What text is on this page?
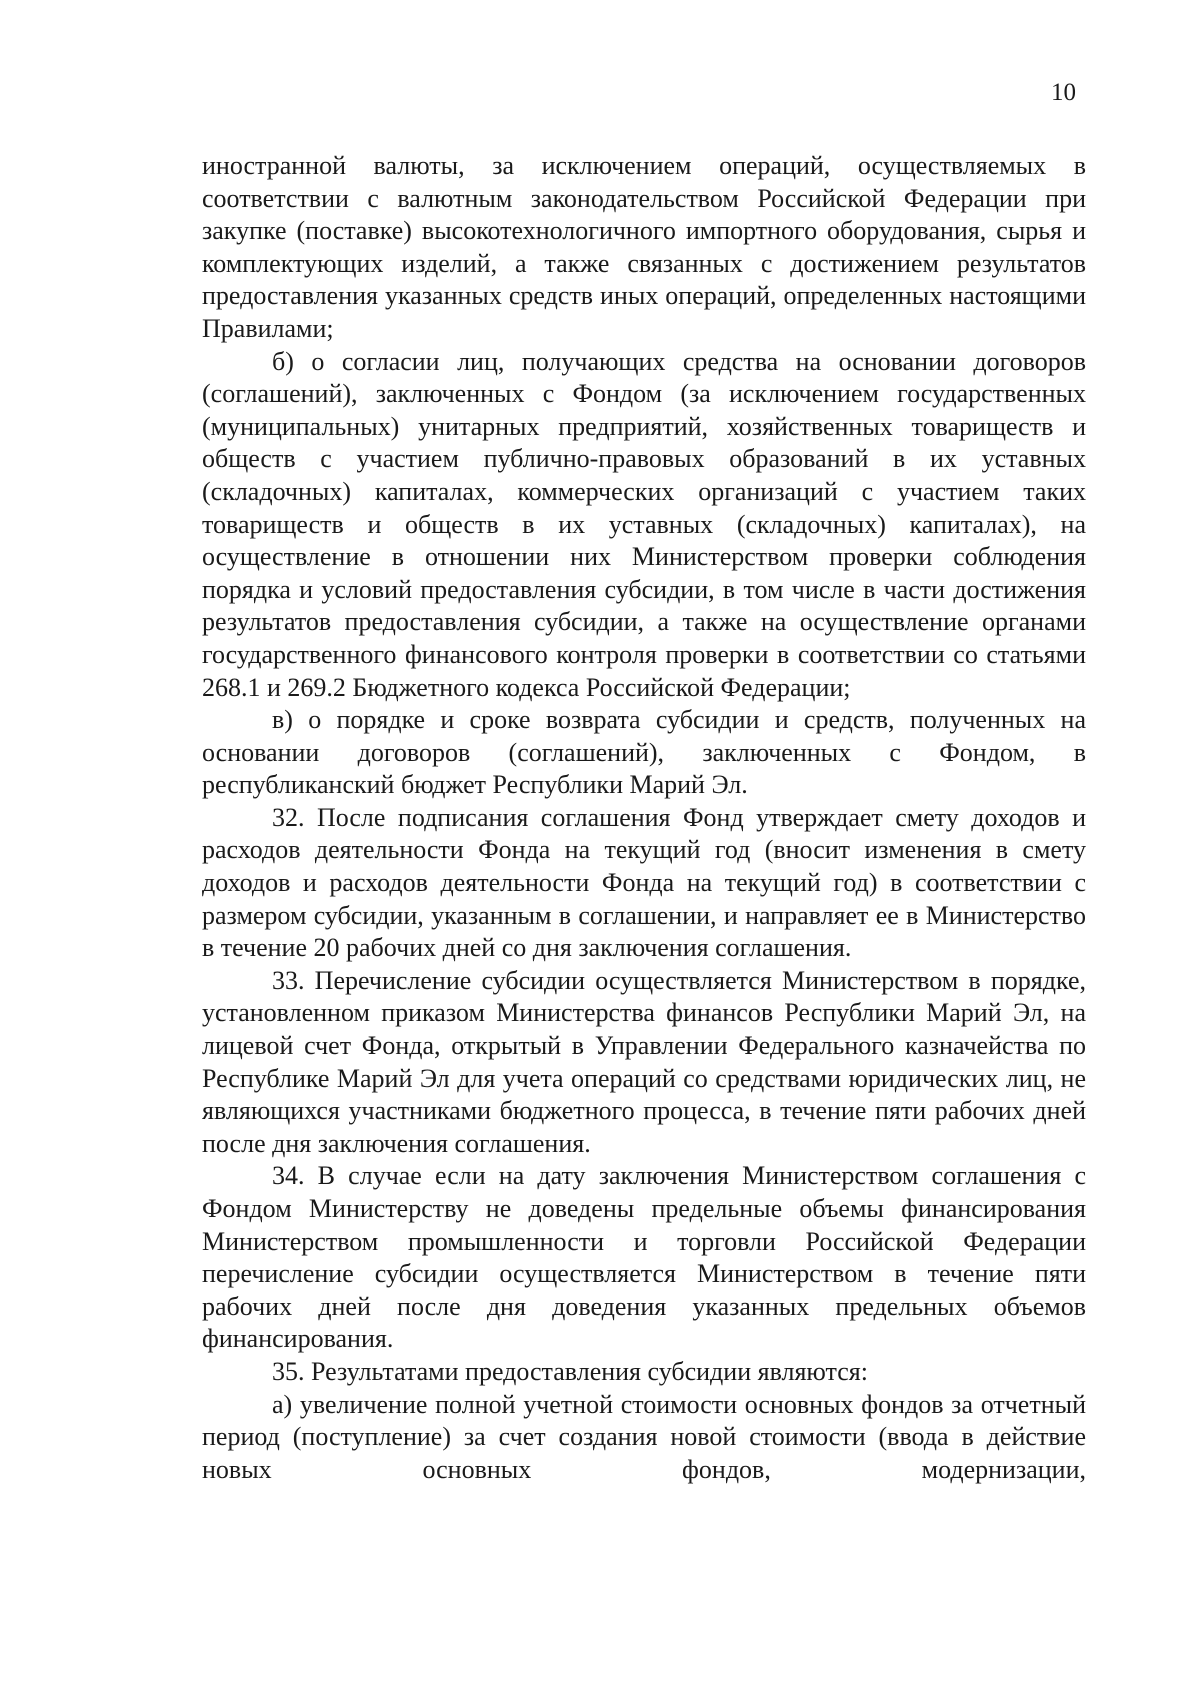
10

иностранной валюты, за исключением операций, осуществляемых в соответствии с валютным законодательством Российской Федерации при закупке (поставке) высокотехнологичного импортного оборудования, сырья и комплектующих изделий, а также связанных с достижением результатов предоставления указанных средств иных операций, определенных настоящими Правилами;

б) о согласии лиц, получающих средства на основании договоров (соглашений), заключенных с Фондом (за исключением государственных (муниципальных) унитарных предприятий, хозяйственных товариществ и обществ с участием публично-правовых образований в их уставных (складочных) капиталах, коммерческих организаций с участием таких товариществ и обществ в их уставных (складочных) капиталах), на осуществление в отношении них Министерством проверки соблюдения порядка и условий предоставления субсидии, в том числе в части достижения результатов предоставления субсидии, а также на осуществление органами государственного финансового контроля проверки в соответствии со статьями 268.1 и 269.2 Бюджетного кодекса Российской Федерации;

в) о порядке и сроке возврата субсидии и средств, полученных на основании договоров (соглашений), заключенных с Фондом, в республиканский бюджет Республики Марий Эл.

32. После подписания соглашения Фонд утверждает смету доходов и расходов деятельности Фонда на текущий год (вносит изменения в смету доходов и расходов деятельности Фонда на текущий год) в соответствии с размером субсидии, указанным в соглашении, и направляет ее в Министерство в течение 20 рабочих дней со дня заключения соглашения.

33. Перечисление субсидии осуществляется Министерством в порядке, установленном приказом Министерства финансов Республики Марий Эл, на лицевой счет Фонда, открытый в Управлении Федерального казначейства по Республике Марий Эл для учета операций со средствами юридических лиц, не являющихся участниками бюджетного процесса, в течение пяти рабочих дней после дня заключения соглашения.

34. В случае если на дату заключения Министерством соглашения с Фондом Министерству не доведены предельные объемы финансирования Министерством промышленности и торговли Российской Федерации перечисление субсидии осуществляется Министерством в течение пяти рабочих дней после дня доведения указанных предельных объемов финансирования.

35. Результатами предоставления субсидии являются:

а) увеличение полной учетной стоимости основных фондов за отчетный период (поступление) за счет создания новой стоимости (ввода в действие новых основных фондов, модернизации,
